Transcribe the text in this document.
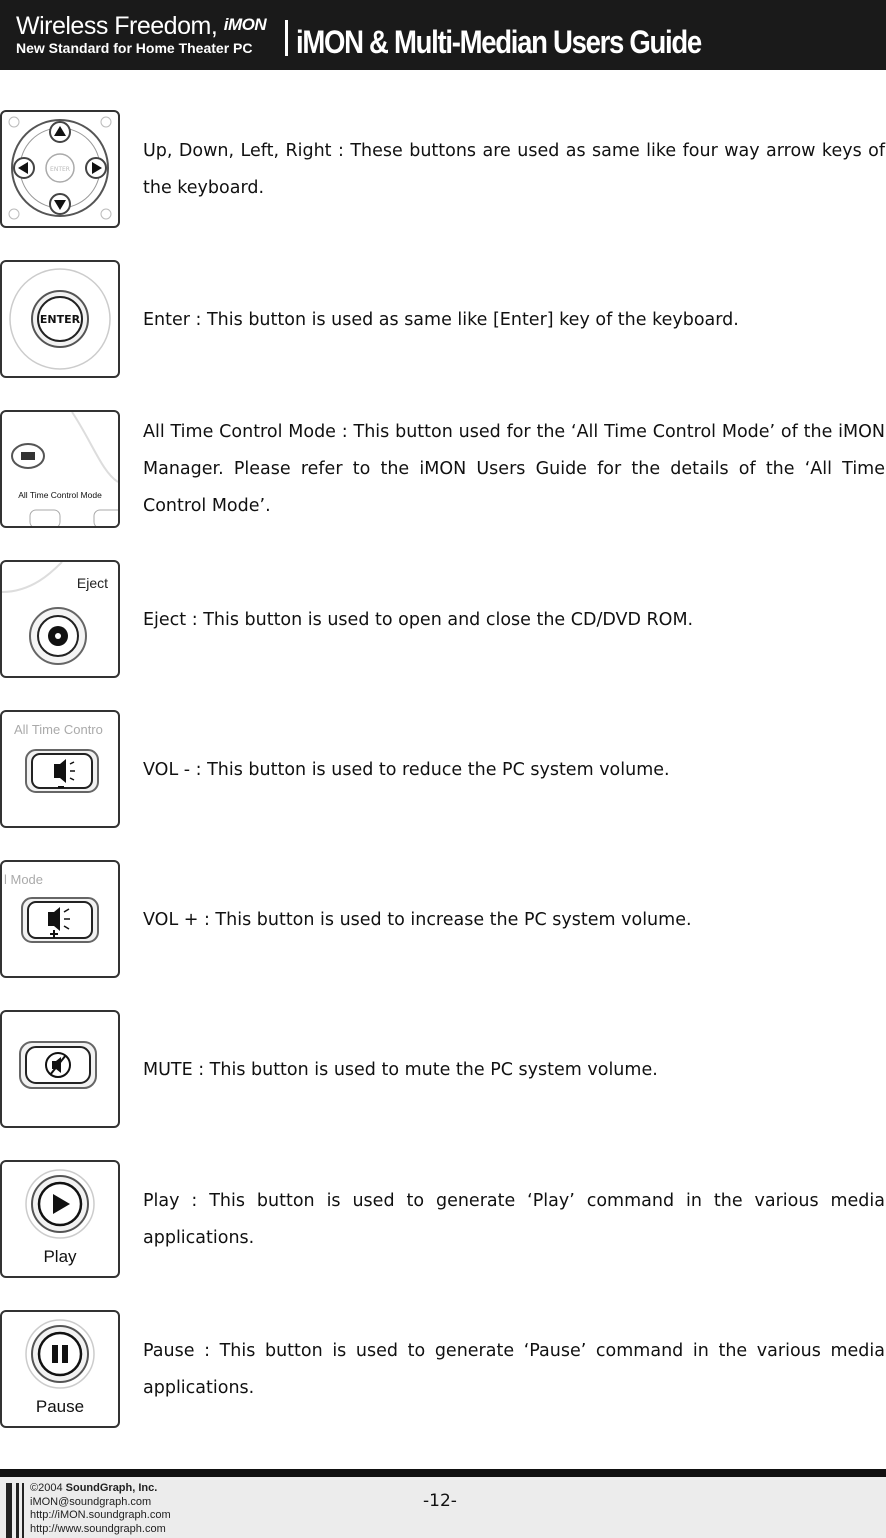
Wireless Freedom, iMON
New Standard for Home Theater PC	iMON & Multi-Median Users Guide
ENTER
Up, Down, Left, Right : These buttons are used as same like four way arrow keys of the keyboard.
ENTER	Enter : This button is used as same like [Enter] key of the keyboard.
All Time Control Mode
All Time Control Mode : This button used for the ‘All Time Control Mode’ of the iMON Manager. Please refer to the iMON Users Guide for the details of the ‘All Time Control Mode’.
Eject
Eject : This button is used to open and close the CD/DVD ROM.
All Time Contro
VOL - : This button is used to reduce the PC system volume.
l Mode
VOL + : This button is used to increase the PC system volume.
MUTE : This button is used to mute the PC system volume.
Play
Play : This button is used to generate ‘Play’ command in the various media applications.
Pause
Pause : This button is used to generate ‘Pause’ command in the various media applications.
©2004 SoundGraph, Inc.
iMON@soundgraph.com
http://iMON.soundgraph.com
http://www.soundgraph.com
-12-
